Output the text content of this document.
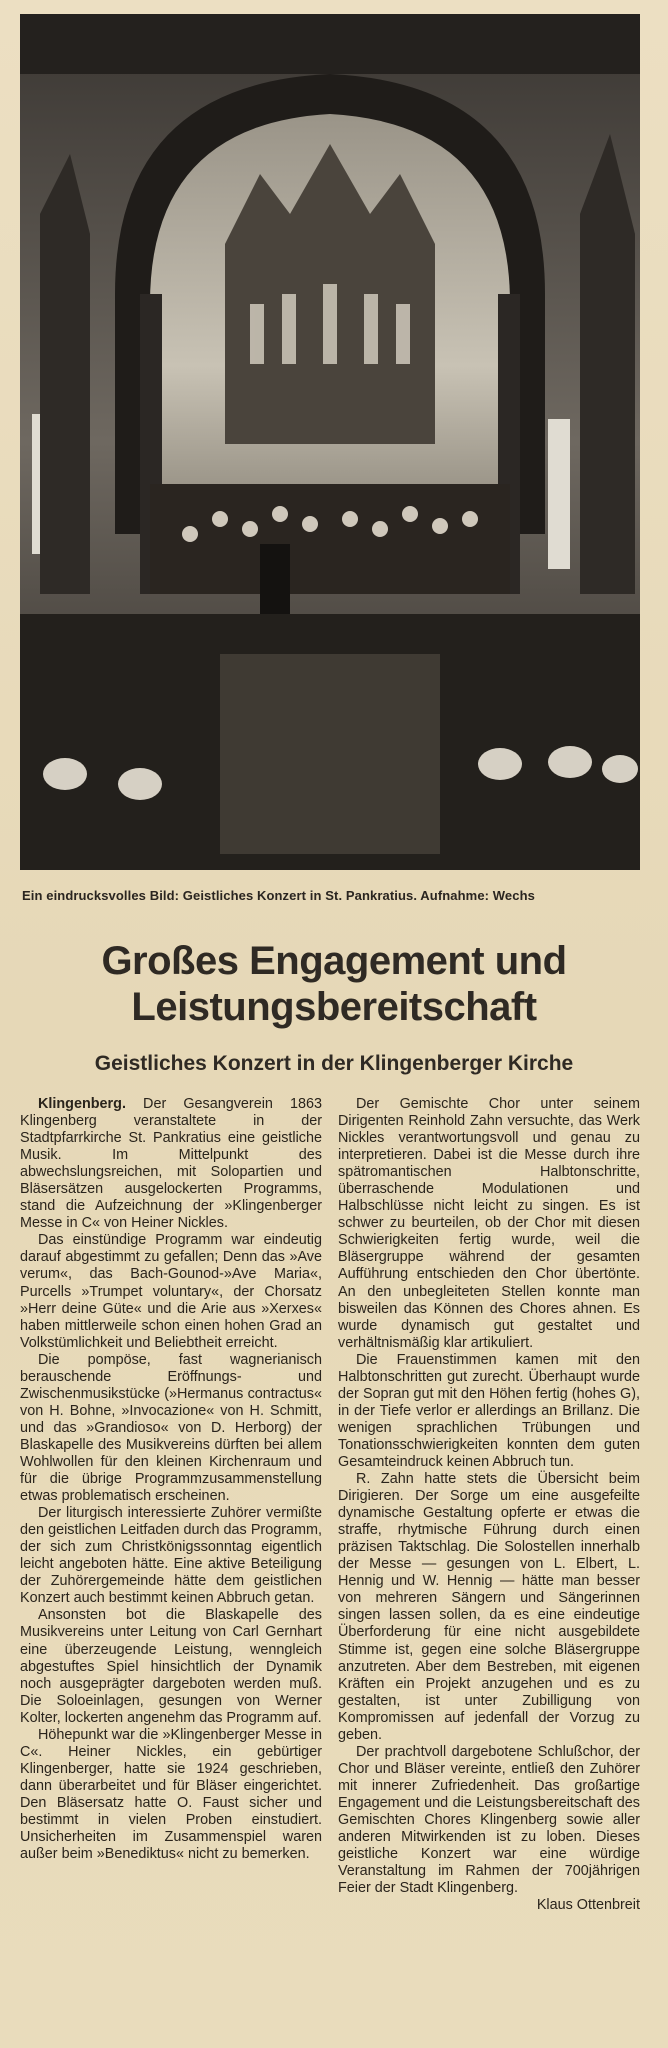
Ein eindrucksvolles Bild: Geistliches Konzert in St. Pankratius. Aufnahme: Wechs
Großes Engagement und
Leistungsbereitschaft
Geistliches Konzert in der Klingenberger Kirche

Klingenberg. Der Gesangverein 1863 Klingenberg veranstaltete in der Stadtpfarrkirche St. Pankratius eine geistliche Musik. Im Mittelpunkt des abwechslungsreichen, mit Solopartien und Bläsersätzen ausgelockerten Programms, stand die Aufzeichnung der »Klingenberger Messe in C« von Heiner Nickles.

Das einstündige Programm war eindeutig darauf abgestimmt zu gefallen; Denn das »Ave verum«, das Bach-Gounod-»Ave Maria«, Purcells »Trumpet voluntary«, der Chorsatz »Herr deine Güte« und die Arie aus »Xerxes« haben mittlerweile schon einen hohen Grad an Volkstümlichkeit und Beliebtheit erreicht.

Die pompöse, fast wagnerianisch berauschende Eröffnungs- und Zwischenmusikstücke (»Hermanus contractus« von H. Bohne, »Invocazione« von H. Schmitt, und das »Grandioso« von D. Herborg) der Blaskapelle des Musikvereins dürften bei allem Wohlwollen für den kleinen Kirchenraum und für die übrige Programmzusammenstellung etwas problematisch erscheinen.

Der liturgisch interessierte Zuhörer vermißte den geistlichen Leitfaden durch das Programm, der sich zum Christkönigssonntag eigentlich leicht angeboten hätte. Eine aktive Beteiligung der Zuhörergemeinde hätte dem geistlichen Konzert auch bestimmt keinen Abbruch getan.

Ansonsten bot die Blaskapelle des Musikvereins unter Leitung von Carl Gernhart eine überzeugende Leistung, wenngleich abgestuftes Spiel hinsichtlich der Dynamik noch ausgeprägter dargeboten werden muß. Die Soloeinlagen, gesungen von Werner Kolter, lockerten angenehm das Programm auf.

Höhepunkt war die »Klingenberger Messe in C«. Heiner Nickles, ein gebürtiger Klingenberger, hatte sie 1924 geschrieben, dann überarbeitet und für Bläser eingerichtet. Den Bläsersatz hatte O. Faust sicher und bestimmt in vielen Proben einstudiert. Unsicherheiten im Zusammenspiel waren außer beim »Benediktus« nicht zu bemerken.

Der Gemischte Chor unter seinem Dirigenten Reinhold Zahn versuchte, das Werk Nickles verantwortungsvoll und genau zu interpretieren. Dabei ist die Messe durch ihre spätromantischen Halbtonschritte, überraschende Modulationen und Halbschlüsse nicht leicht zu singen. Es ist schwer zu beurteilen, ob der Chor mit diesen Schwierigkeiten fertig wurde, weil die Bläsergruppe während der gesamten Aufführung entschieden den Chor übertönte. An den unbegleiteten Stellen konnte man bisweilen das Können des Chores ahnen. Es wurde dynamisch gut gestaltet und verhältnismäßig klar artikuliert.

Die Frauenstimmen kamen mit den Halbtonschritten gut zurecht. Überhaupt wurde der Sopran gut mit den Höhen fertig (hohes G), in der Tiefe verlor er allerdings an Brillanz. Die wenigen sprachlichen Trübungen und Tonationsschwierigkeiten konnten dem guten Gesamteindruck keinen Abbruch tun.

R. Zahn hatte stets die Übersicht beim Dirigieren. Der Sorge um eine ausgefeilte dynamische Gestaltung opferte er etwas die straffe, rhytmische Führung durch einen präzisen Taktschlag. Die Solostellen innerhalb der Messe — gesungen von L. Elbert, L. Hennig und W. Hennig — hätte man besser von mehreren Sängern und Sängerinnen singen lassen sollen, da es eine eindeutige Überforderung für eine nicht ausgebildete Stimme ist, gegen eine solche Bläsergruppe anzutreten. Aber dem Bestreben, mit eigenen Kräften ein Projekt anzugehen und es zu gestalten, ist unter Zubilligung von Kompromissen auf jedenfall der Vorzug zu geben.

Der prachtvoll dargebotene Schlußchor, der Chor und Bläser vereinte, entließ den Zuhörer mit innerer Zufriedenheit. Das großartige Engagement und die Leistungsbereitschaft des Gemischten Chores Klingenberg sowie aller anderen Mitwirkenden ist zu loben. Dieses geistliche Konzert war eine würdige Veranstaltung im Rahmen der 700jährigen Feier der Stadt Klingenberg.

Klaus Ottenbreit
